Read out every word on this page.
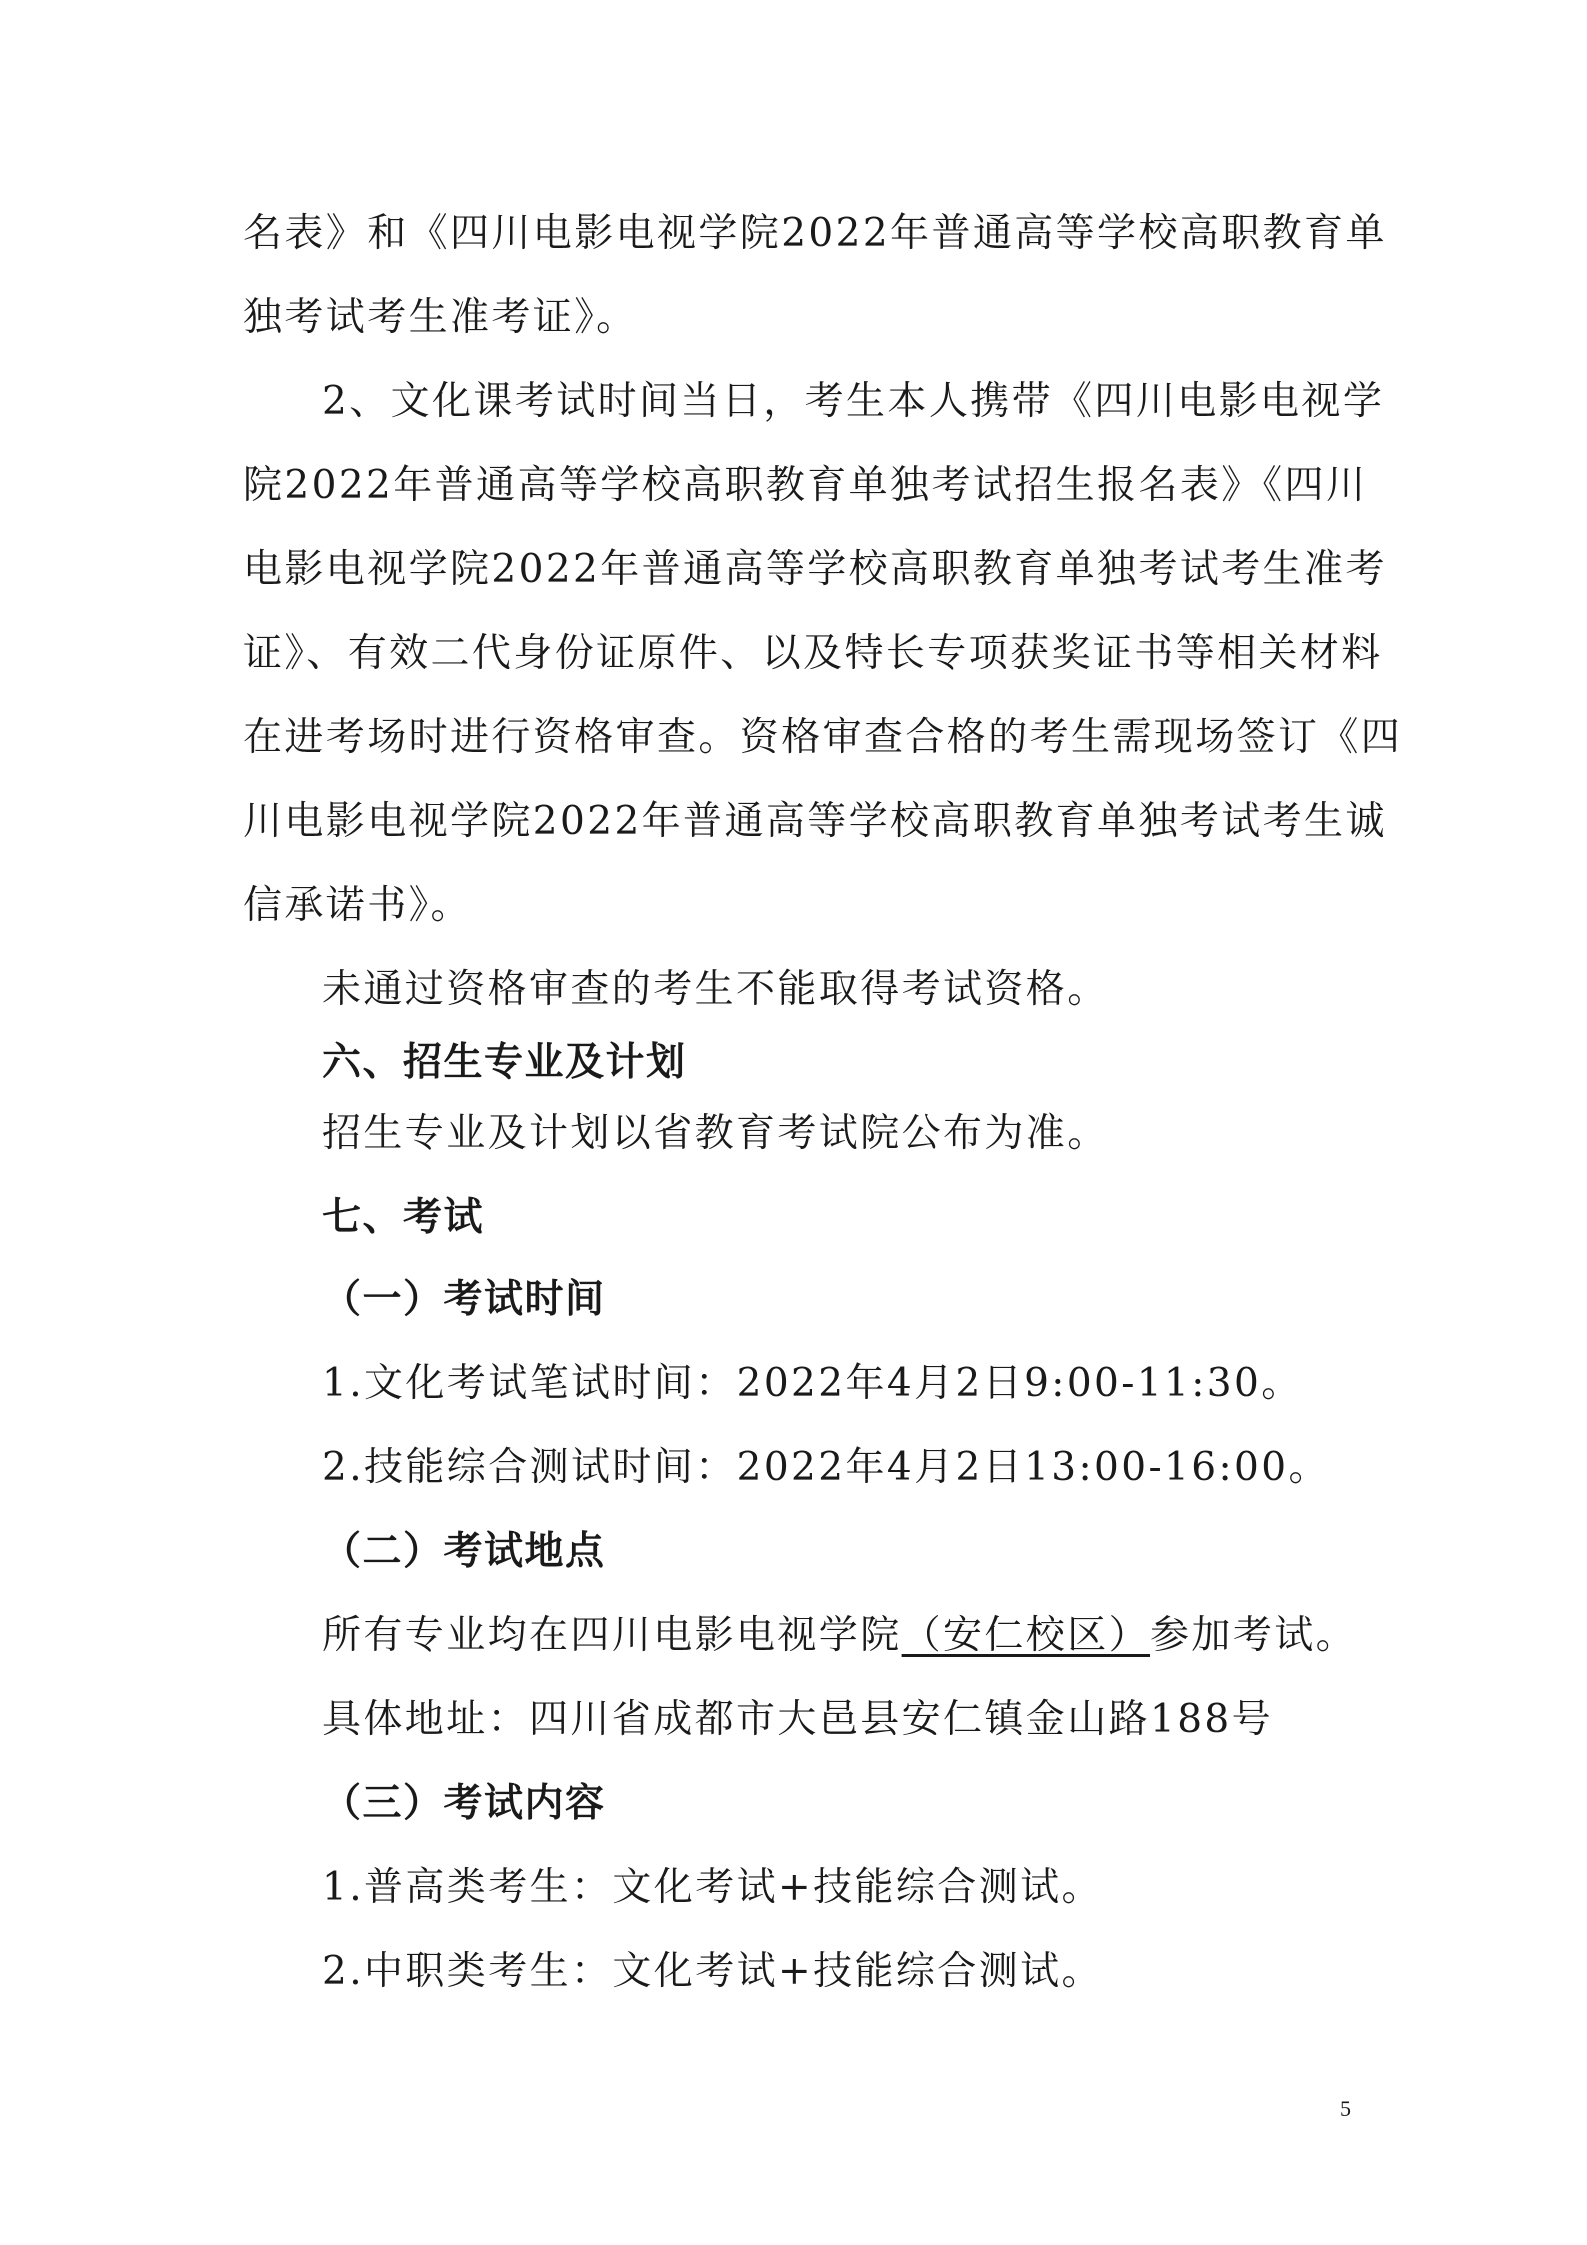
名表》和《四川电影电视学院2022年普通高等学校高职教育单
独考试考生准考证》。
2、文化课考试时间当日，考生本人携带《四川电影电视学
院2022年普通高等学校高职教育单独考试招生报名表》《四川
电影电视学院2022年普通高等学校高职教育单独考试考生准考
证》、有效二代身份证原件、以及特长专项获奖证书等相关材料
在进考场时进行资格审查。资格审查合格的考生需现场签订《四
川电影电视学院2022年普通高等学校高职教育单独考试考生诚
信承诺书》。
未通过资格审查的考生不能取得考试资格。
六、招生专业及计划
招生专业及计划以省教育考试院公布为准。
七、考试
（一）考试时间
1.文化考试笔试时间：2022年4月2日9:00-11:30。
2.技能综合测试时间：2022年4月2日13:00-16:00。
（二）考试地点
所有专业均在四川电影电视学院（安仁校区）参加考试。
具体地址：四川省成都市大邑县安仁镇金山路188号
（三）考试内容
1.普高类考生：文化考试+技能综合测试。
2.中职类考生：文化考试+技能综合测试。
5
